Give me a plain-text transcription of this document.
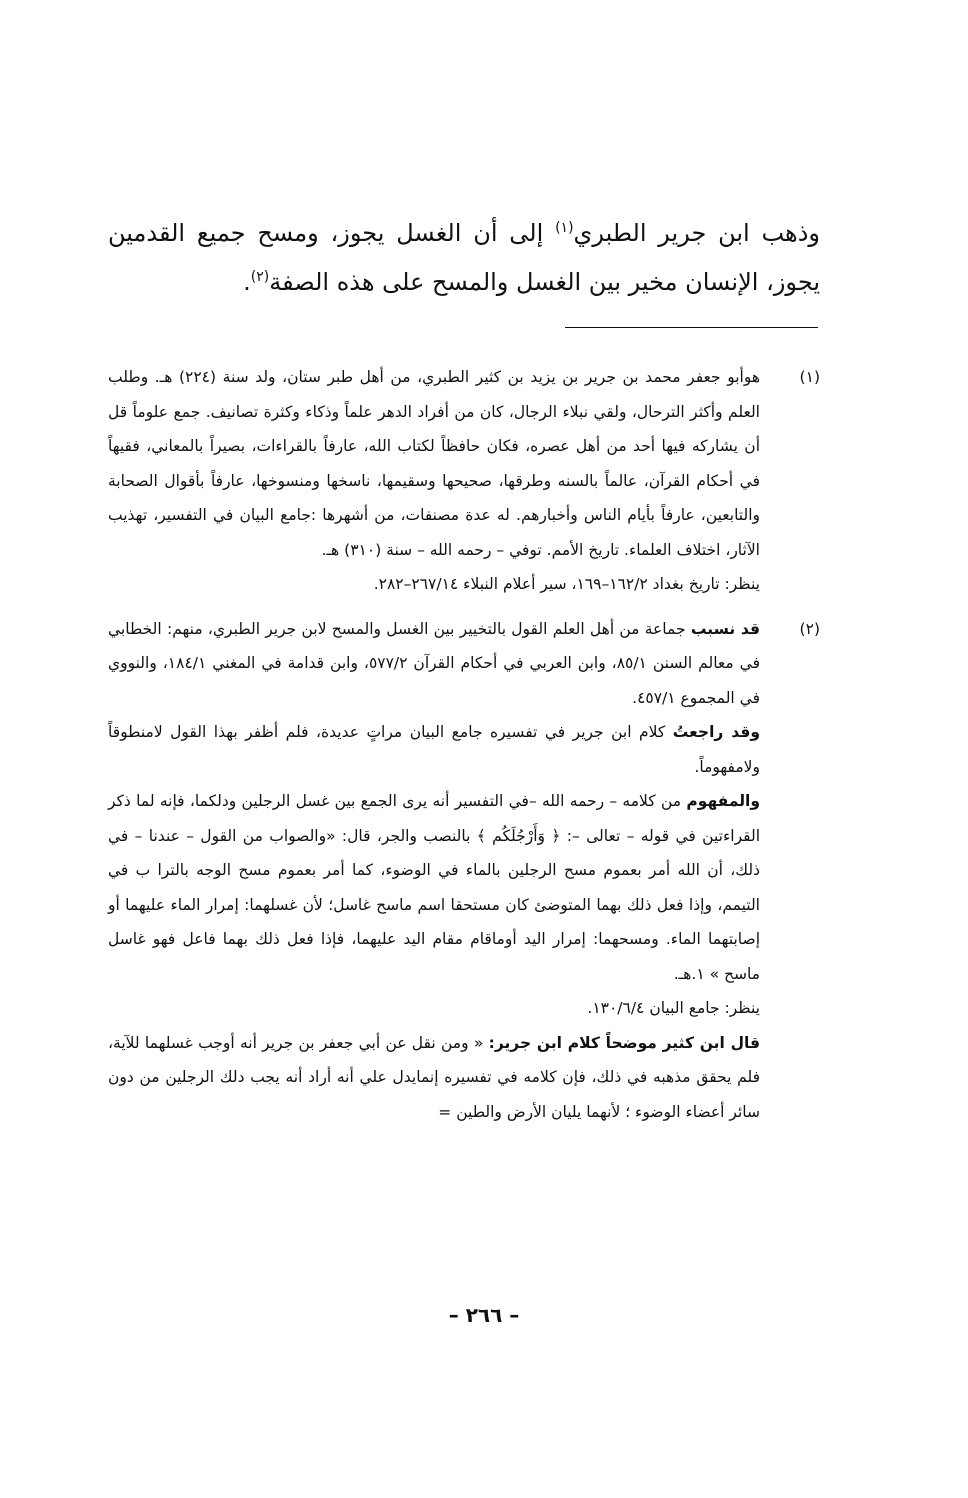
وذهب ابن جرير الطبري$^{(١)}$ إلى أن الغسل يجوز، ومسح جميع القدمين يجوز، الإنسان مخير بين الغسل والمسح على هذه الصفة$^{(٢)}$.
(١)

هوأبو جعفر محمد بن جرير بن يزيد بن كثير الطبري، من أهل طبر ستان، ولد سنة (٢٢٤) هـ. وطلب العلم وأكثر الترحال، ولقي نبلاء الرجال، كان من أفراد الدهر علماً وذكاء وكثرة تصانيف. جمع علوماً قل أن يشاركه فيها أحد من أهل عصره، فكان حافظاً لكتاب الله، عارفاً بالقراءات، بصيراً بالمعاني، فقيهاً في أحكام القرآن، عالماً بالسنه وطرقها، صحيحها وسقيمها، ناسخها ومنسوخها، عارفاً بأقوال الصحابة والتابعين، عارفاً بأيام الناس وأخبارهم. له عدة مصنفات، من أشهرها :جامع البيان في التفسير، تهذيب الآثار، اختلاف العلماء. تاريخ الأمم. توفي – رحمه الله – سنة (٣١٠) هـ.

ينظر: تاريخ بغداد ١٦٢/٢–١٦٩، سير أعلام النبلاء ٢٦٧/١٤–٢٨٢.

(٢)

قد نسبب جماعة من أهل العلم القول بالتخيير بين الغسل والمسح لابن جرير الطبري، منهم: الخطابي في معالم السنن ٨٥/١، وابن العربي في أحكام القرآن ٥٧٧/٢، وابن قدامة في المغني ١٨٤/١، والنووي في المجموع ٤٥٧/١.

وقد راجعتُ كلام ابن جرير في تفسيره جامع البيان مراتٍ عديدة، فلم أظفر بهذا القول لامنطوقاً ولامفهوماً.

والمفهوم من كلامه – رحمه الله –في التفسير أنه يرى الجمع بين غسل الرجلين ودلكما، فإنه لما ذكر القراءتين في قوله – تعالى –: ﴿ وَأَرْجُلَكُم ﴾ بالنصب والجر، قال: «والصواب من القول – عندنا – في ذلك، أن الله أمر بعموم مسح الرجلين بالماء في الوضوء، كما أمر بعموم مسح الوجه بالترا ب في التيمم، وإذا فعل ذلك بهما المتوضئ كان مستحقا اسم ماسح غاسل؛ لأن غسلهما: إمرار الماء عليهما أو إصابتهما الماء. ومسحهما: إمرار اليد أوماقام مقام اليد عليهما، فإذا فعل ذلك بهما فاعل فهو غاسل ماسح » ١.هـ.

ينظر: جامع البيان ١٣٠/٦/٤.

قال ابن كثير موضحاً كلام ابن جرير: « ومن نقل عن أبي جعفر بن جرير أنه أوجب غسلهما للآية، فلم يحقق مذهبه في ذلك، فإن كلامه في تفسيره إنمايدل علي أنه أراد أنه يجب دلك الرجلين من دون سائر أعضاء الوضوء ؛ لأنهما يليان الأرض والطين =

– ٢٦٦ –
